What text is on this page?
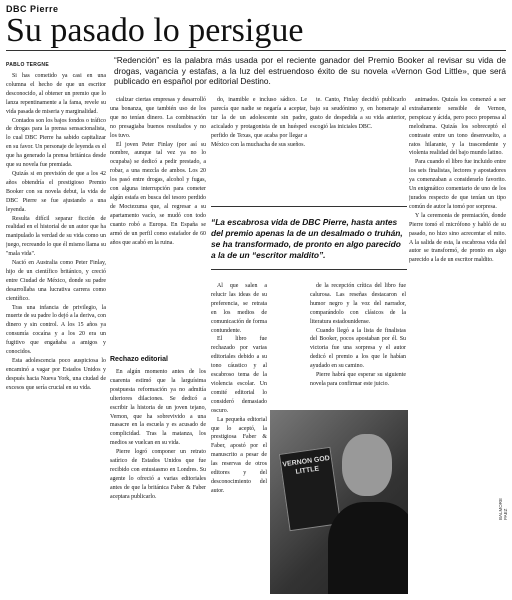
DBC Pierre
Su pasado lo persigue
PABLO TERGNE	“Redención” es la palabra más usada por el reciente ganador del Premio Booker al revisar su vida de drogas, vagancia y estafas, a la luz del estruendoso éxito de su novela «Vernon God Little», que será publicado en español por editorial Destino.

Si has cometido ya casi en una columna el hecho de que un escritor desconocido, al obtener un premio que lo lanza repentinamente a la fama, revele su vida pasada de miseria y marginalidad.

Contados son los bajos fondos o tráfico de drogas para la prensa sensacionalista, lo cual DBC Pierre ha sabido capitalizar en su favor. Un personaje de leyenda es el que ha generado la prensa británica desde que su novela fue premiada.

Quizás si en previsión de que a los 42 años obtendría el prestigioso Premio Booker con su novela debut, la vida de DBC Pierre se fue ajustando a una leyenda.

Resulta difícil separar ficción de realidad en el historial de un autor que ha manipulado la verdad de su vida como un juego, recreando lo que él mismo llama su "mala vida".

Nació en Australia como Peter Finlay, hijo de un científico británico, y creció entre Ciudad de México, donde su padre desarrollaba una lucrativa carrera como científico.

Tras una infancia de privilegio, la muerte de su padre lo dejó a la deriva, con dinero y sin control. A los 15 años ya consumía cocaína y a los 20 era un fugitivo que engañaba a amigos y conocidos.

Esta adolescencia poco auspiciosa lo encaminó a vagar por Estados Unidos y después hacia Nueva York, una ciudad de excesos que sería crucial en su vida.

cializar ciertas empresas y desarrolló una bonanza, que también uso de los que no tenían dinero. La combinación no presagiaba buenos resultados y no los tuvo.

El joven Peter Finlay (por así su nombre, aunque tal vez ya no lo ocupaba) se dedicó a pedir prestado, a robar, a una mezcla de ambos. Los 20 los pasó entre drogas, alcohol y fugas, con alguna interrupción para cometer algún estafa en busca del tesoro perdido de Moctezuma que, al regresar a su apartamento vacío, se mudó con todo cuanto robó a Europa. En España se armó de un perfil como estafador de 60 años que acabó en la ruina.

do, inamible e incluso sádico. Le parecía que nadie se negaría a aceptar, tur la de un adolescente sin padre, acicalado y protagonista de un huésped perfido de Texas, que acaba por llegar a México con la muchacha de sus sueños.

te. Canto, Finlay decidió publicarlo bajo su seudónimo y, en homenaje al gusto de despedida a su vida anterior, escogió las iniciales DBC.

animados. Quizás los comenzó a ser extrañamente sensible de Vernon, perspicaz y ácida, pero poco propensa al melodrama. Quizás los sobreceptó el contraste entre un tono desenvuelto, a ratos hilarante, y la trascendente y violenta realidad del bajo mundo latino.

Para cuando el libro fue incluido entre los seis finalistas, lectores y apostadores ya comenzaban a considerarlo favorito. Un enigmático comentario de uno de los jurados respecto de que tenían un tipo común de autor la tomó por sorpresa.

Y la ceremonia de premiación, donde Pierre tomó el micrófono y habló de su pasado, no hizo sino acrecentar el mito. A la salida de esta, la escabrosa vida del autor se transformó, de pronto en algo parecido a la de un escritor maldito.

“La escabrosa vida de DBC Pierre, hasta antes del premio apenas la de un desalmado o truhán, se ha transformado, de pronto en algo parecido a la de un “escritor maldito”.
Rechazo editorial

En algún momento antes de los cuarenta estimó que la larguísima postpuesta reformación ya no admitía ulteriores dilaciones. Se dedicó a escribir la historia de un joven tejano, Vernon, que ha sobrevivido a una masacre en la escuela y es acusado de complicidad. Tras la matanza, los medios se vuelcan en su vida.

Pierre logró componer un retrato satírico de Estados Unidos que fue recibido con entusiasmo en Londres. Su agente lo ofreció a varias editoriales antes de que la británica Faber & Faber aceptara publicarlo.

Al que salen a relucir las ideas de su preferencia, se retrata en los medios de comunicación de forma contundente.

El libro fue rechazado por varias editoriales debido a su tono cáustico y al escabroso tema de la violencia escolar. Un comité editorial lo consideró demasiado oscuro.

La pequeña editorial que lo aceptó, la prestigiosa Faber & Faber, apostó por el manuscrito a pesar de las reservas de otros editores y del desconocimiento del autor.

de la recepción crítica del libro fue calurosa. Las reseñas destacaron el humor negro y la voz del narrador, comparándolo con clásicos de la literatura estadounidense.

Cuando llegó a la lista de finalistas del Booker, pocos apostaban por él. Su victoria fue una sorpresa y el autor dedicó el premio a los que le habían ayudado en su camino.

Pierre habrá que esperar su siguiente novela para confirmar este juicio.

VERNON GOD LITTLE
BALMORE PAEZ
